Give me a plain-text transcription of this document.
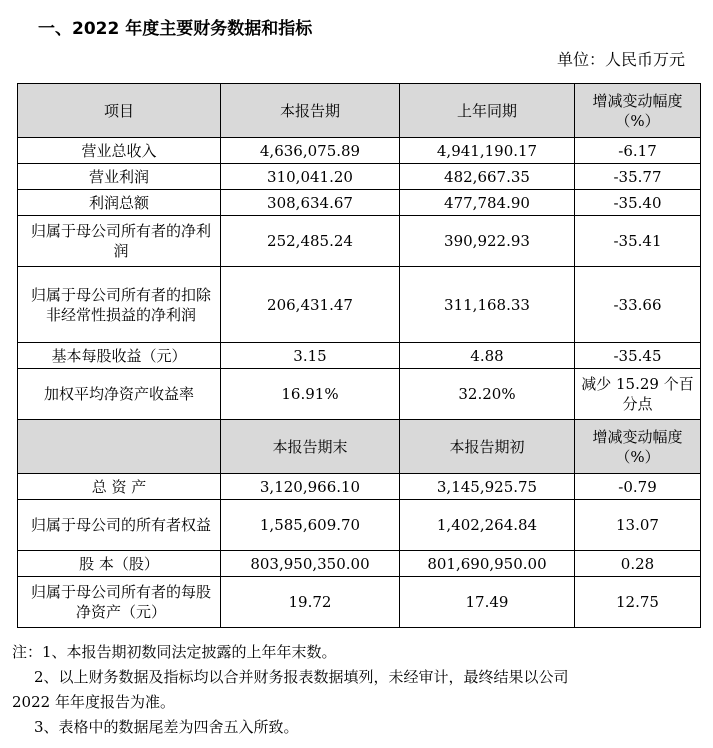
一、2022 年度主要财务数据和指标
单位：人民币万元
项目	本报告期	上年同期	增减变动幅度（%）
营业总收入	4,636,075.89	4,941,190.17	-6.17
营业利润	310,041.20	482,667.35	-35.77
利润总额	308,634.67	477,784.90	-35.40
归属于母公司所有者的净利润	252,485.24	390,922.93	-35.41
归属于母公司所有者的扣除非经常性损益的净利润	206,431.47	311,168.33	-33.66
基本每股收益（元）	3.15	4.88	-35.45
加权平均净资产收益率	16.91%	32.20%	减少 15.29 个百分点
	本报告期末	本报告期初	增减变动幅度（%）
总 资 产	3,120,966.10	3,145,925.75	-0.79
归属于母公司的所有者权益	1,585,609.70	1,402,264.84	13.07
股 本（股）	803,950,350.00	801,690,950.00	0.28
归属于母公司所有者的每股净资产（元）	19.72	17.49	12.75

注：1、本报告期初数同法定披露的上年年末数。

2、以上财务数据及指标均以合并财务报表数据填列，未经审计，最终结果以公司

2022 年年度报告为准。

3、表格中的数据尾差为四舍五入所致。
